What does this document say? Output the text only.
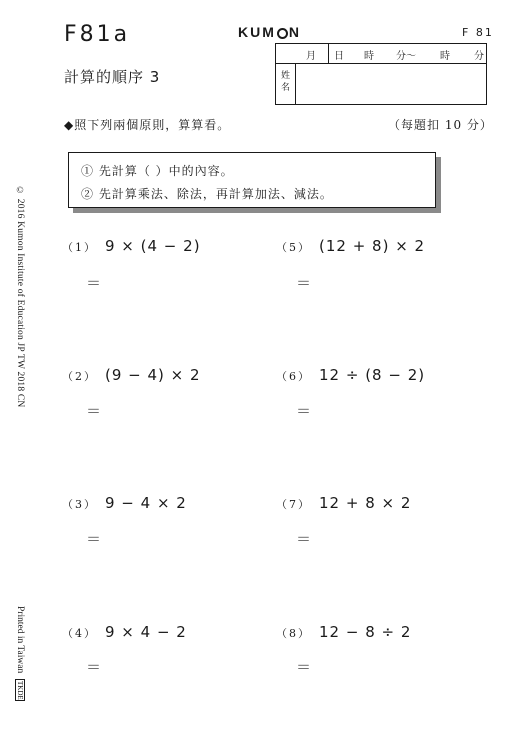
F81a
計算的順序 3
KUM N	F 81
月 日 時 分～ 時 分
姓
名
◆照下列兩個原則，算算看。	（每題扣 10 分）
① 先計算（ ）中的內容。
② 先計算乘法、除法，再計算加法、減法。
© 2016 Kumon Institute of Education JP TW 2018 CN
Printed in Taiwan TKDE
（1） 9 × (4 − 2)
＝
（5） (12 + 8) × 2
＝
（2） (9 − 4) × 2
＝
（6） 12 ÷ (8 − 2)
＝
（3） 9 − 4 × 2
＝
（7） 12 + 8 × 2
＝
（4） 9 × 4 − 2
＝
（8） 12 − 8 ÷ 2
＝
